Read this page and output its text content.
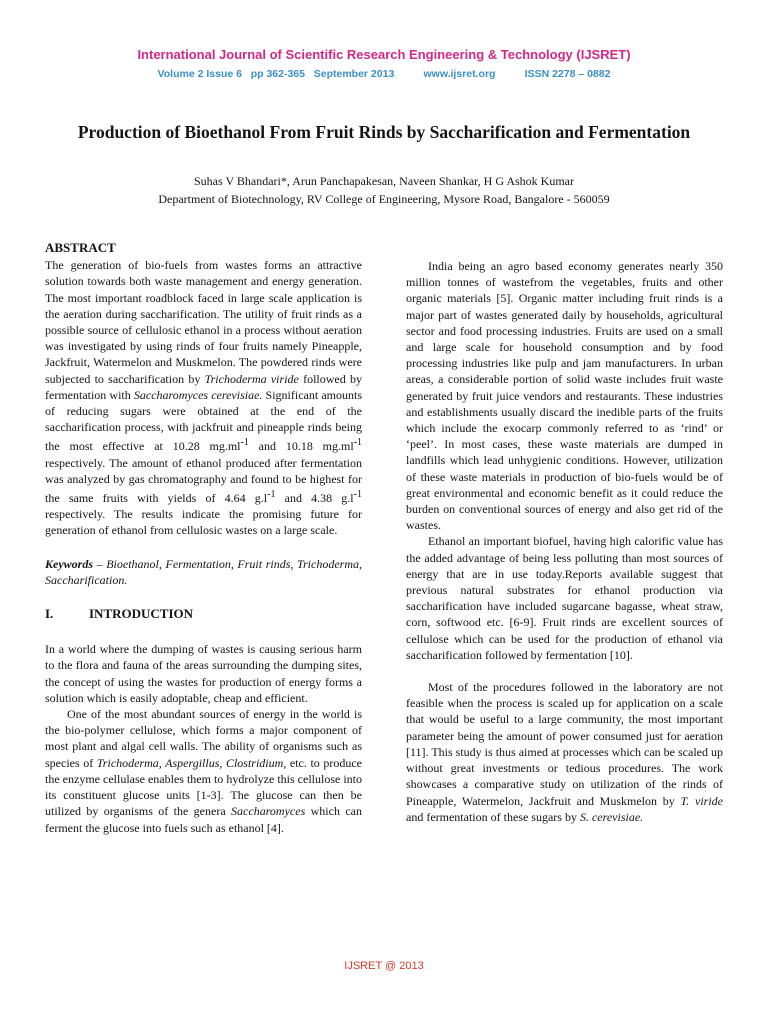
International Journal of Scientific Research Engineering & Technology (IJSRET)
Volume 2 Issue 6   pp 362-365   September 2013	www.ijsret.org	ISSN 2278 – 0882
Production of Bioethanol From Fruit Rinds by Saccharification and Fermentation
Suhas V Bhandari*, Arun Panchapakesan, Naveen Shankar, H G Ashok Kumar
Department of Biotechnology, RV College of Engineering, Mysore Road, Bangalore - 560059

ABSTRACT

The generation of bio-fuels from wastes forms an attractive solution towards both waste management and energy generation. The most important roadblock faced in large scale application is the aeration during saccharification. The utility of fruit rinds as a possible source of cellulosic ethanol in a process without aeration was investigated by using rinds of four fruits namely Pineapple, Jackfruit, Watermelon and Muskmelon. The powdered rinds were subjected to saccharification by Trichoderma viride followed by fermentation with Saccharomyces cerevisiae. Significant amounts of reducing sugars were obtained at the end of the saccharification process, with jackfruit and pineapple rinds being the most effective at 10.28 $mg.ml^{-1}$ and 10.18 $mg.ml^{-1}$ respectively. The amount of ethanol produced after fermentation was analyzed by gas chromatography and found to be highest for the same fruits with yields of 4.64 $g.l^{-1}$ and 4.38 $g.l^{-1}$ respectively. The results indicate the promising future for generation of ethanol from cellulosic wastes on a large scale.

Keywords – Bioethanol, Fermentation, Fruit rinds, Trichoderma, Saccharification.

I.	INTRODUCTION

In a world where the dumping of wastes is causing serious harm to the flora and fauna of the areas surrounding the dumping sites, the concept of using the wastes for production of energy forms a solution which is easily adoptable, cheap and efficient.

One of the most abundant sources of energy in the world is the bio-polymer cellulose, which forms a major component of most plant and algal cell walls. The ability of organisms such as species of Trichoderma, Aspergillus, Clostridium, etc. to produce the enzyme cellulase enables them to hydrolyze this cellulose into its constituent glucose units [1-3]. The glucose can then be utilized by organisms of the genera Saccharomyces which can ferment the glucose into fuels such as ethanol [4].

India being an agro based economy generates nearly 350 million tonnes of wastefrom the vegetables, fruits and other organic materials [5]. Organic matter including fruit rinds is a major part of wastes generated daily by households, agricultural sector and food processing industries. Fruits are used on a small and large scale for household consumption and by food processing industries like pulp and jam manufacturers. In urban areas, a considerable portion of solid waste includes fruit waste generated by fruit juice vendors and restaurants. These industries and establishments usually discard the inedible parts of the fruits which include the exocarp commonly referred to as ‘rind’ or ‘peel’. In most cases, these waste materials are dumped in landfills which lead unhygienic conditions. However, utilization of these waste materials in production of bio-fuels would be of great environmental and economic benefit as it could reduce the burden on conventional sources of energy and also get rid of the wastes.

Ethanol an important biofuel, having high calorific value has the added advantage of being less polluting than most sources of energy that are in use today.Reports available suggest that previous natural substrates for ethanol production via saccharification have included sugarcane bagasse, wheat straw, corn, softwood etc. [6-9]. Fruit rinds are excellent sources of cellulose which can be used for the production of ethanol via saccharification followed by fermentation [10].

Most of the procedures followed in the laboratory are not feasible when the process is scaled up for application on a scale that would be useful to a large community, the most important parameter being the amount of power consumed just for aeration [11]. This study is thus aimed at processes which can be scaled up without great investments or tedious procedures. The work showcases a comparative study on utilization of the rinds of Pineapple, Watermelon, Jackfruit and Muskmelon by T. viride and fermentation of these sugars by S. cerevisiae.

IJSRET @ 2013
